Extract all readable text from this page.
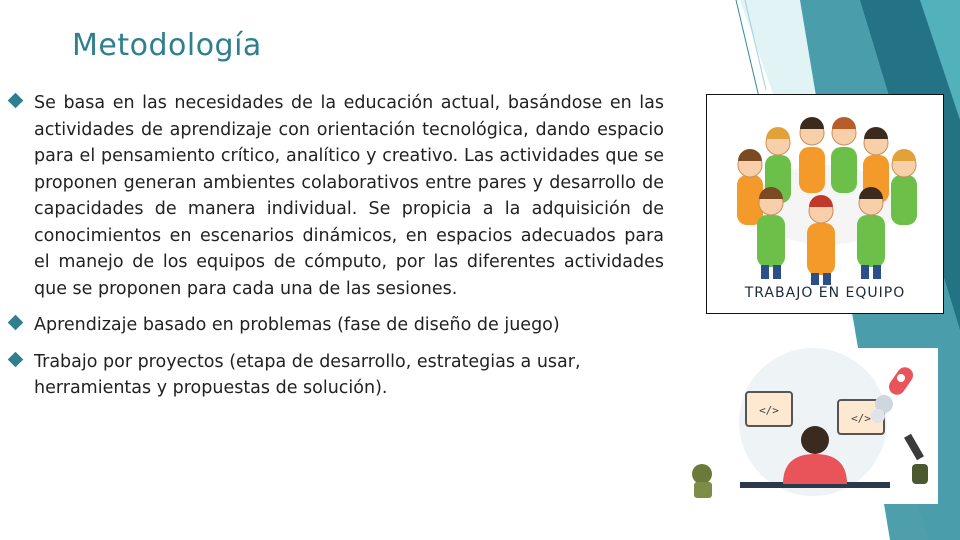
Metodología

Se basa en las necesidades de la educación actual, basándose en las actividades de aprendizaje con orientación tecnológica, dando espacio para el pensamiento crítico, analítico y creativo. Las actividades que se proponen generan ambientes colaborativos entre pares y desarrollo de capacidades de manera individual. Se propicia a la adquisición de conocimientos en escenarios dinámicos, en espacios adecuados para el manejo de los equipos de cómputo, por las diferentes actividades que se proponen para cada una de las sesiones.

Aprendizaje basado en problemas (fase de diseño de juego)

Trabajo por proyectos (etapa de desarrollo, estrategias a usar, herramientas y propuestas de solución).

TRABAJO EN EQUIPO
</>
</>
